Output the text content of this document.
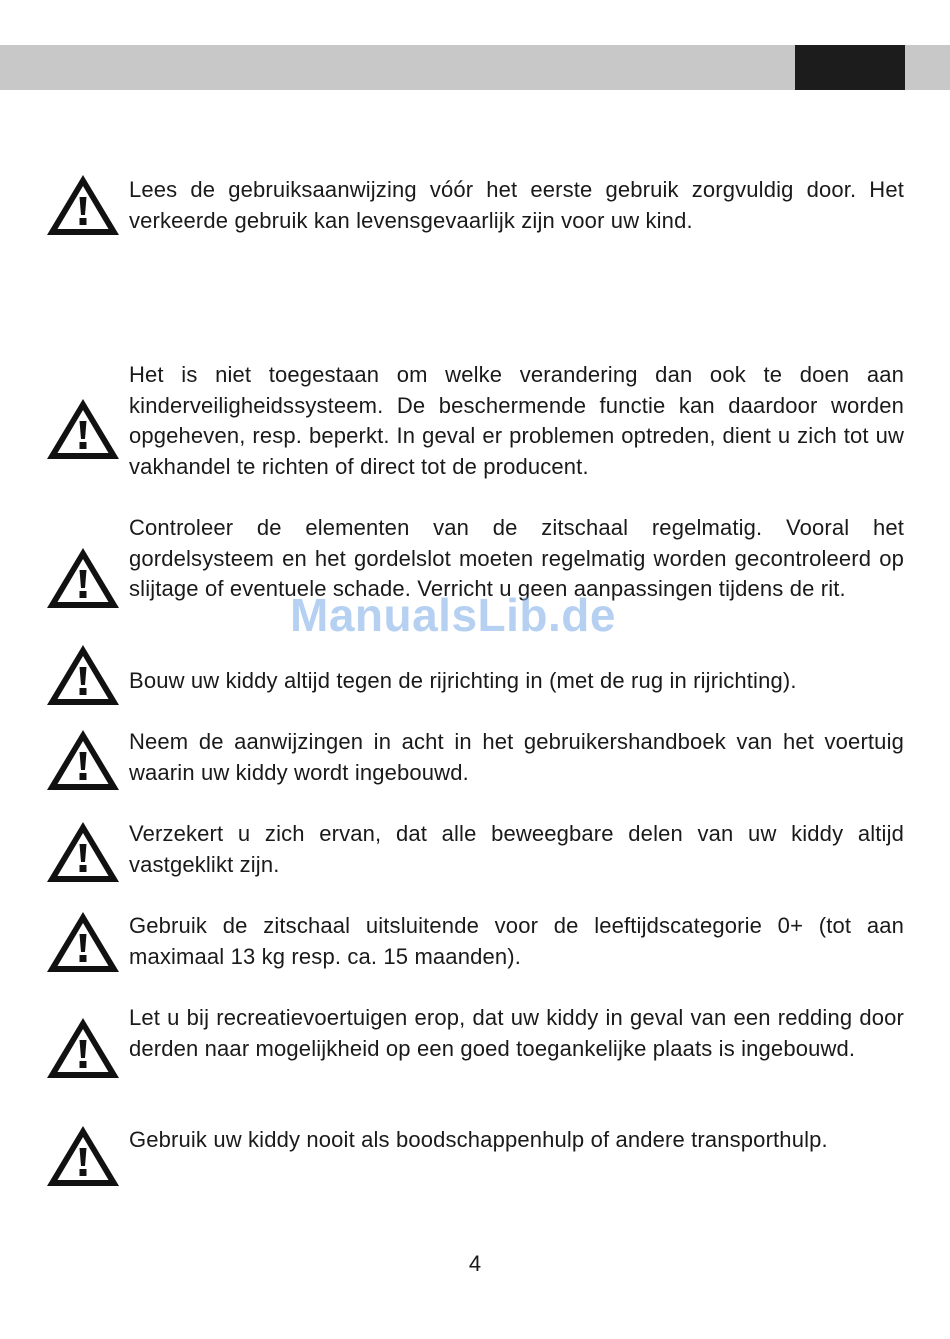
Lees de gebruiksaanwijzing vóór het eerste gebruik zorgvuldig door. Het verkeerde gebruik kan levensgevaarlijk zijn voor uw kind.

Het is niet toegestaan om welke verandering dan ook te doen aan kinderveiligheidssysteem. De beschermende functie kan daardoor worden opgeheven, resp. beperkt. In geval er problemen optreden, dient u zich tot uw vakhandel te richten of direct tot de producent.

Controleer de elementen van de zitschaal regelmatig. Vooral het gordelsysteem en het gordelslot moeten regelmatig worden gecontroleerd op slijtage of eventuele schade. Verricht u geen aanpassingen tijdens de rit.

Bouw uw kiddy altijd tegen de rijrichting in (met de rug in rijrichting).

Neem de aanwijzingen in acht in het gebruikershandboek van het voertuig waarin uw kiddy wordt ingebouwd.

Verzekert u zich ervan, dat alle beweegbare delen van uw kiddy altijd vastgeklikt zijn.

Gebruik de zitschaal uitsluitende voor de leeftijdscategorie 0+ (tot aan maximaal 13 kg resp. ca. 15 maanden).

Let u bij recreatievoertuigen erop, dat uw kiddy in geval van een redding door derden naar mogelijkheid op een goed toegankelijke plaats is ingebouwd.

Gebruik uw kiddy nooit als boodschappenhulp of andere transporthulp.

ManualsLib.de
4
